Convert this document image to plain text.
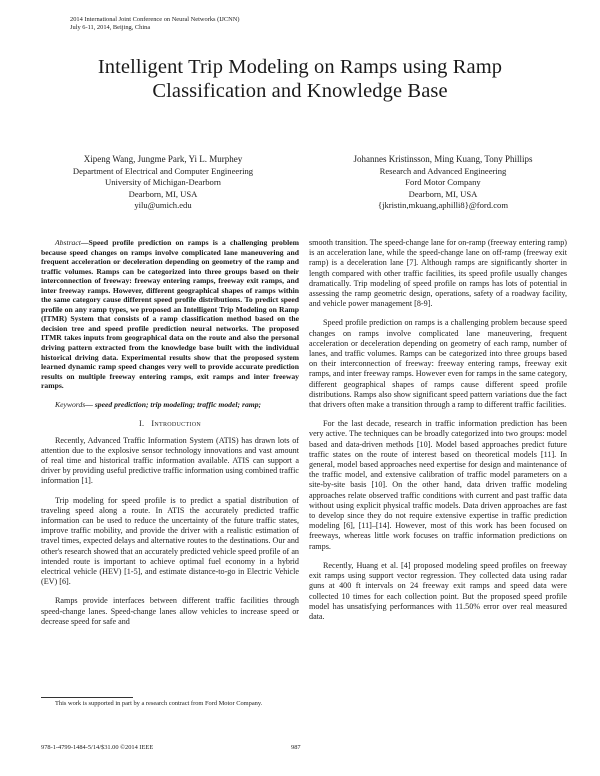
2014 International Joint Conference on Neural Networks (IJCNN)
July 6-11, 2014, Beijing, China
Intelligent Trip Modeling on Ramps using Ramp
Classification and Knowledge Base
Xipeng Wang, Jungme Park, Yi L. Murphey
Department of Electrical and Computer Engineering
University of Michigan-Dearborn
Dearborn, MI, USA
yilu@umich.edu
Johannes Kristinsson, Ming Kuang, Tony Phillips
Research and Advanced Engineering
Ford Motor Company
Dearborn, MI, USA
{jkristin,mkuang,aphilli8}@ford.com

Abstract—Speed profile prediction on ramps is a challenging problem because speed changes on ramps involve complicated lane maneuvering and frequent acceleration or deceleration depending on geometry of the ramp and traffic volumes. Ramps can be categorized into three groups based on their interconnection of freeway: freeway entering ramps, freeway exit ramps, and inter freeway ramps. However, different geographical shapes of ramps within the same category cause different speed profile distributions. To predict speed profile on any ramp types, we proposed an Intelligent Trip Modeling on Ramp (ITMR) System that consists of a ramp classification method based on the decision tree and speed profile prediction neural networks. The proposed ITMR takes inputs from geographical data on the route and also the personal driving pattern extracted from the knowledge base built with the individual historical driving data. Experimental results show that the proposed system learned dynamic ramp speed changes very well to provide accurate prediction results on multiple freeway entering ramps, exit ramps and inter freeway ramps.

Keywords— speed prediction; trip modeling; traffic model; ramp;

I. Introduction

Recently, Advanced Traffic Information System (ATIS) has drawn lots of attention due to the explosive sensor technology innovations and vast amount of real time and historical traffic information available. ATIS can support a driver by providing useful predictive traffic information using combined traffic information [1].

Trip modeling for speed profile is to predict a spatial distribution of traveling speed along a route. In ATIS the accurately predicted traffic information can be used to reduce the uncertainty of the future traffic states, improve traffic mobility, and provide the driver with a realistic estimation of travel times, expected delays and alternative routes to the destinations. Our and other's research showed that an accurately predicted vehicle speed profile of an intended route is important to achieve optimal fuel economy in a hybrid electrical vehicle (HEV) [1-5], and estimate distance-to-go in Electric Vehicle (EV) [6].

Ramps provide interfaces between different traffic facilities through speed-change lanes. Speed-change lanes allow vehicles to increase speed or decrease speed for safe and

smooth transition. The speed-change lane for on-ramp (freeway entering ramp) is an acceleration lane, while the speed-change lane on off-ramp (freeway exit ramp) is a deceleration lane [7]. Although ramps are significantly shorter in length compared with other traffic facilities, its speed profile usually changes dramatically. Trip modeling of speed profile on ramps has lots of potential in assessing the ramp geometric design, operations, safety of a roadway facility, and vehicle power management [8-9].

Speed profile prediction on ramps is a challenging problem because speed changes on ramps involve complicated lane maneuvering, frequent acceleration or deceleration depending on geometry of each ramp, number of lanes, and traffic volumes. Ramps can be categorized into three groups based on their interconnection of freeway: freeway entering ramps, freeway exit ramps, and inter freeway ramps. However even for ramps in the same category, different geographical shapes of ramps cause different speed profile distributions. Ramps also show significant speed pattern variations due the fact that drivers often make a transition through a ramp to different traffic facilities.

For the last decade, research in traffic information prediction has been very active. The techniques can be broadly categorized into two groups: model based and data-driven methods [10]. Model based approaches predict future traffic states on the route of interest based on theoretical models [11]. In general, model based approaches need expertise for design and maintenance of the traffic model, and extensive calibration of traffic model parameters on a site-by-site basis [10]. On the other hand, data driven traffic modeling approaches relate observed traffic conditions with current and past traffic data without using explicit physical traffic models. Data driven approaches are fast to develop since they do not require extensive expertise in traffic prediction modeling [6], [11]–[14]. However, most of this work has been focused on freeways, whereas little work focuses on traffic information predictions on ramps.

Recently, Huang et al. [4] proposed modeling speed profiles on freeway exit ramps using support vector regression. They collected data using radar guns at 400 ft intervals on 24 freeway exit ramps and speed data were collected 10 times for each collection point. But the proposed speed profile model has unsatisfying performances with 11.50% error over real measured data.

This work is supported in part by a research contract from Ford Motor Company.
978-1-4799-1484-5/14/$31.00 ©2014 IEEE	987
